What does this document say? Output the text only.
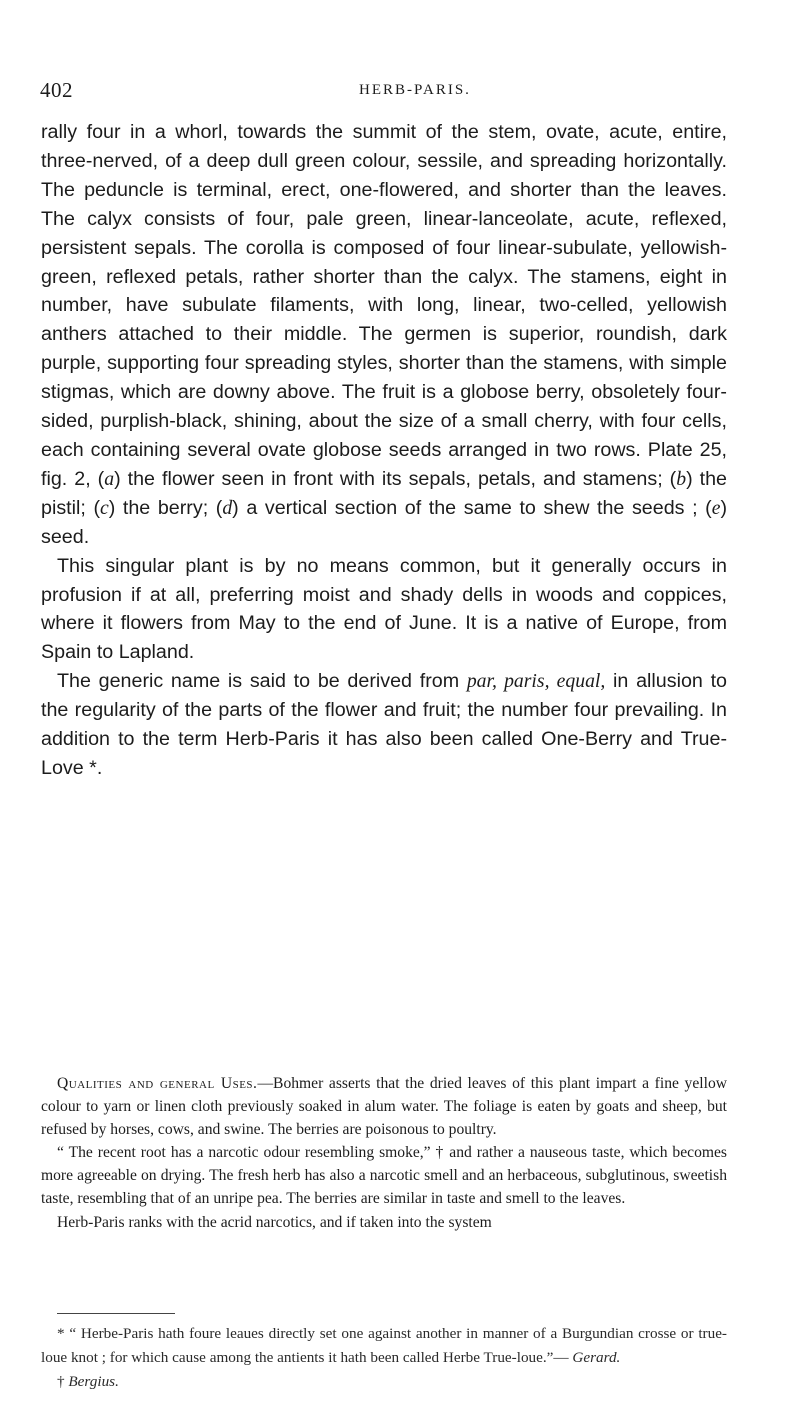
402	HERB-PARIS.

rally four in a whorl, towards the summit of the stem, ovate, acute, entire, three-nerved, of a deep dull green colour, sessile, and spreading horizontally. The peduncle is terminal, erect, one-flowered, and shorter than the leaves. The calyx consists of four, pale green, linear-lanceolate, acute, reflexed, persistent sepals. The corolla is composed of four linear-subulate, yellowish-green, reflexed petals, rather shorter than the calyx. The stamens, eight in number, have subulate filaments, with long, linear, two-celled, yellowish anthers attached to their middle. The germen is superior, roundish, dark purple, supporting four spreading styles, shorter than the stamens, with simple stigmas, which are downy above. The fruit is a globose berry, obsoletely four-sided, purplish-black, shining, about the size of a small cherry, with four cells, each containing several ovate globose seeds arranged in two rows. Plate 25, fig. 2, (a) the flower seen in front with its sepals, petals, and stamens; (b) the pistil; (c) the berry; (d) a vertical section of the same to shew the seeds ; (e) seed.

This singular plant is by no means common, but it generally occurs in profusion if at all, preferring moist and shady dells in woods and coppices, where it flowers from May to the end of June. It is a native of Europe, from Spain to Lapland.

The generic name is said to be derived from par, paris, equal, in allusion to the regularity of the parts of the flower and fruit; the number four prevailing. In addition to the term Herb-Paris it has also been called One-Berry and True-Love *.

Qualities and general Uses.—Bohmer asserts that the dried leaves of this plant impart a fine yellow colour to yarn or linen cloth previously soaked in alum water. The foliage is eaten by goats and sheep, but refused by horses, cows, and swine. The berries are poisonous to poultry.

“ The recent root has a narcotic odour resembling smoke,” † and rather a nauseous taste, which becomes more agreeable on drying. The fresh herb has also a narcotic smell and an herbaceous, subglutinous, sweetish taste, resembling that of an unripe pea. The berries are similar in taste and smell to the leaves.

Herb-Paris ranks with the acrid narcotics, and if taken into the system

* “ Herbe-Paris hath foure leaues directly set one against another in manner of a Burgundian crosse or true-loue knot ; for which cause among the antients it hath been called Herbe True-loue.”— Gerard.

† Bergius.
